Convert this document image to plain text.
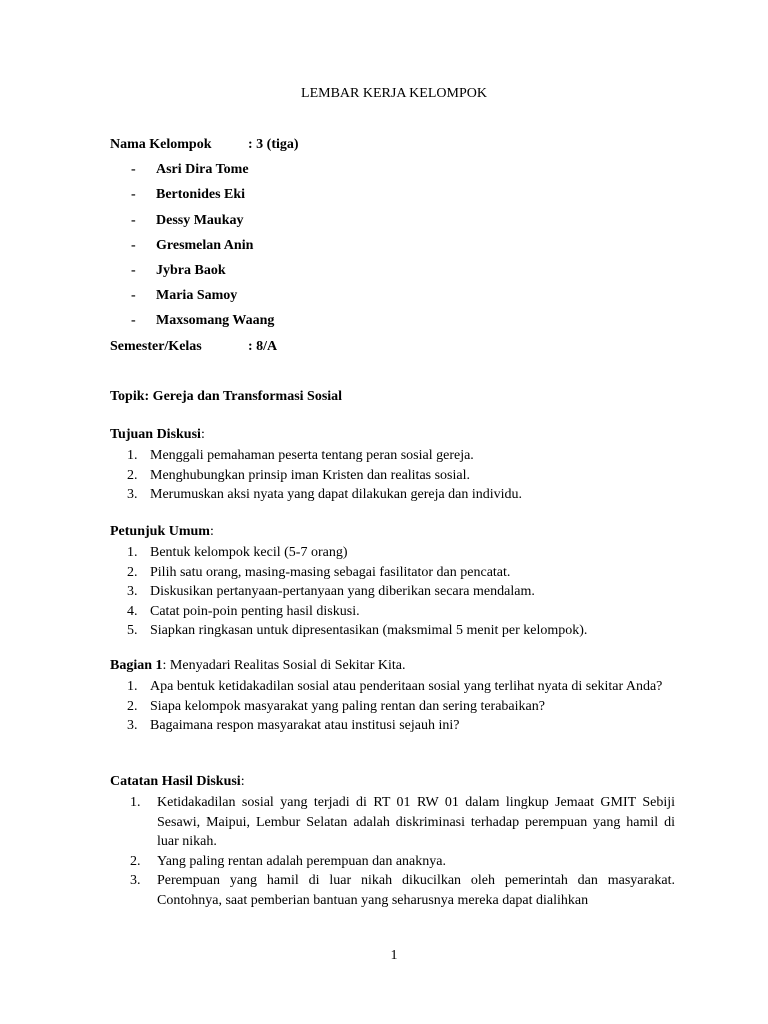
LEMBAR KERJA KELOMPOK
Nama Kelompok	: 3 (tiga)
- Asri Dira Tome
- Bertonides Eki
- Dessy Maukay
- Gresmelan Anin
- Jybra Baok
- Maria Samoy
- Maxsomang Waang
Semester/Kelas	: 8/A
Topik: Gereja dan Transformasi Sosial
Tujuan Diskusi:
1. Menggali pemahaman peserta tentang peran sosial gereja.
2. Menghubungkan prinsip iman Kristen dan realitas sosial.
3. Merumuskan aksi nyata yang dapat dilakukan gereja dan individu.
Petunjuk Umum:
1. Bentuk kelompok kecil (5-7 orang)
2. Pilih satu orang, masing-masing sebagai fasilitator dan pencatat.
3. Diskusikan pertanyaan-pertanyaan yang diberikan secara mendalam.
4. Catat poin-poin penting hasil diskusi.
5. Siapkan ringkasan untuk dipresentasikan (maksmimal 5 menit per kelompok).
Bagian 1: Menyadari Realitas Sosial di Sekitar Kita.
1. Apa bentuk ketidakadilan sosial atau penderitaan sosial yang terlihat nyata di sekitar Anda?
2. Siapa kelompok masyarakat yang paling rentan dan sering terabaikan?
3. Bagaimana respon masyarakat atau institusi sejauh ini?
Catatan Hasil Diskusi:
1. Ketidakadilan sosial yang terjadi di RT 01 RW 01 dalam lingkup Jemaat GMIT Sebiji Sesawi, Maipui, Lembur Selatan adalah diskriminasi terhadap perempuan yang hamil di luar nikah.
2. Yang paling rentan adalah perempuan dan anaknya.
3. Perempuan yang hamil di luar nikah dikucilkan oleh pemerintah dan masyarakat. Contohnya, saat pemberian bantuan yang seharusnya mereka dapat dialihkan
1
